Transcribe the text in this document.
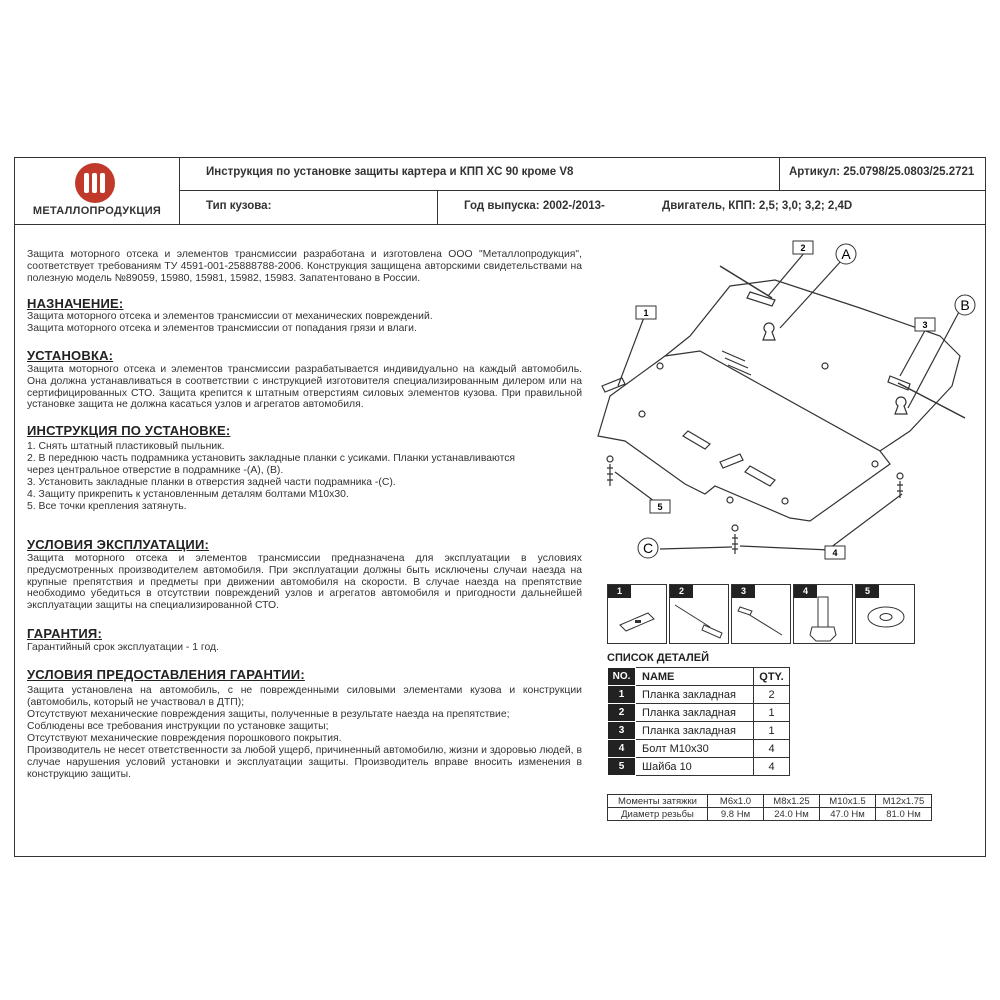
МЕТАЛЛОПРОДУКЦИЯ
Инструкция по установке защиты картера и КПП XC 90 кроме V8	Артикул: 25.0798/25.0803/25.2721
Тип кузова:	Год выпуска: 2002-/2013-	Двигатель, КПП: 2,5; 3,0; 3,2; 2,4D
Защита моторного отсека и элементов трансмиссии разработана и изготовлена ООО "Металлопродукция", соответствует требованиям ТУ 4591-001-25888788-2006. Конструкция защищена авторскими свидетельствами на полезную модель №89059, 15980, 15981, 15982, 15983. Запатентовано в России.
НАЗНАЧЕНИЕ:
Защита моторного отсека и элементов трансмиссии от механических повреждений.
Защита моторного отсека и элементов трансмиссии от попадания грязи и влаги.
УСТАНОВКА:
Защита моторного отсека и элементов трансмиссии разрабатывается индивидуально на каждый автомобиль. Она должна устанавливаться в соответствии с инструкцией изготовителя специализированным дилером или на сертифицированных СТО. Защита крепится к штатным отверстиям силовых элементов кузова. При правильной установке защита не должна касаться узлов и агрегатов автомобиля.
ИНСТРУКЦИЯ ПО УСТАНОВКЕ:
1. Снять штатный пластиковый пыльник.
2. В переднюю часть подрамника установить закладные планки с усиками. Планки устанавливаются
через центральное отверстие в подрамнике -(A), (B).
3. Установить закладные планки в отверстия задней части подрамника -(C).
4. Защиту прикрепить к установленным деталям болтами M10x30.
5. Все точки крепления затянуть.
УСЛОВИЯ ЭКСПЛУАТАЦИИ:
Защита моторного отсека и элементов трансмиссии предназначена для эксплуатации в условиях предусмотренных производителем автомобиля. При эксплуатации должны быть исключены случаи наезда на крупные препятствия и предметы при движении автомобиля на скорости. В случае наезда на препятствие необходимо убедиться в отсутствии повреждений узлов и агрегатов автомобиля и пригодности дальнейшей эксплуатации защиты на специализированной СТО.
ГАРАНТИЯ:
Гарантийный срок эксплуатации - 1 год.
УСЛОВИЯ ПРЕДОСТАВЛЕНИЯ ГАРАНТИИ:
Защита установлена на автомобиль, с не поврежденными силовыми элементами кузова и конструкции
(автомобиль, который не участвовал в ДТП);
Отсутствуют механические повреждения защиты, полученные в результате наезда на препятствие;
Соблюдены все требования инструкции по установке защиты;
Отсутствуют механические повреждения порошкового покрытия.
Производитель не несет ответственности за любой ущерб, причиненный автомобилю, жизни и здоровью людей, в случае нарушения условий установки и эксплуатации защиты. Производитель вправе вносить изменения в конструкцию защиты.
1
2
3
4
5
A
B
C
1	2	3	4	5
СПИСОК ДЕТАЛЕЙ
NO.	NAME	QTY.
1	Планка закладная	2
2	Планка закладная	1
3	Планка закладная	1
4	Болт M10x30	4
5	Шайба 10	4
Моменты затяжки	M6x1.0	M8x1.25	M10x1.5	M12x1.75
Диаметр резьбы	9.8 Нм	24.0 Нм	47.0 Нм	81.0 Нм
